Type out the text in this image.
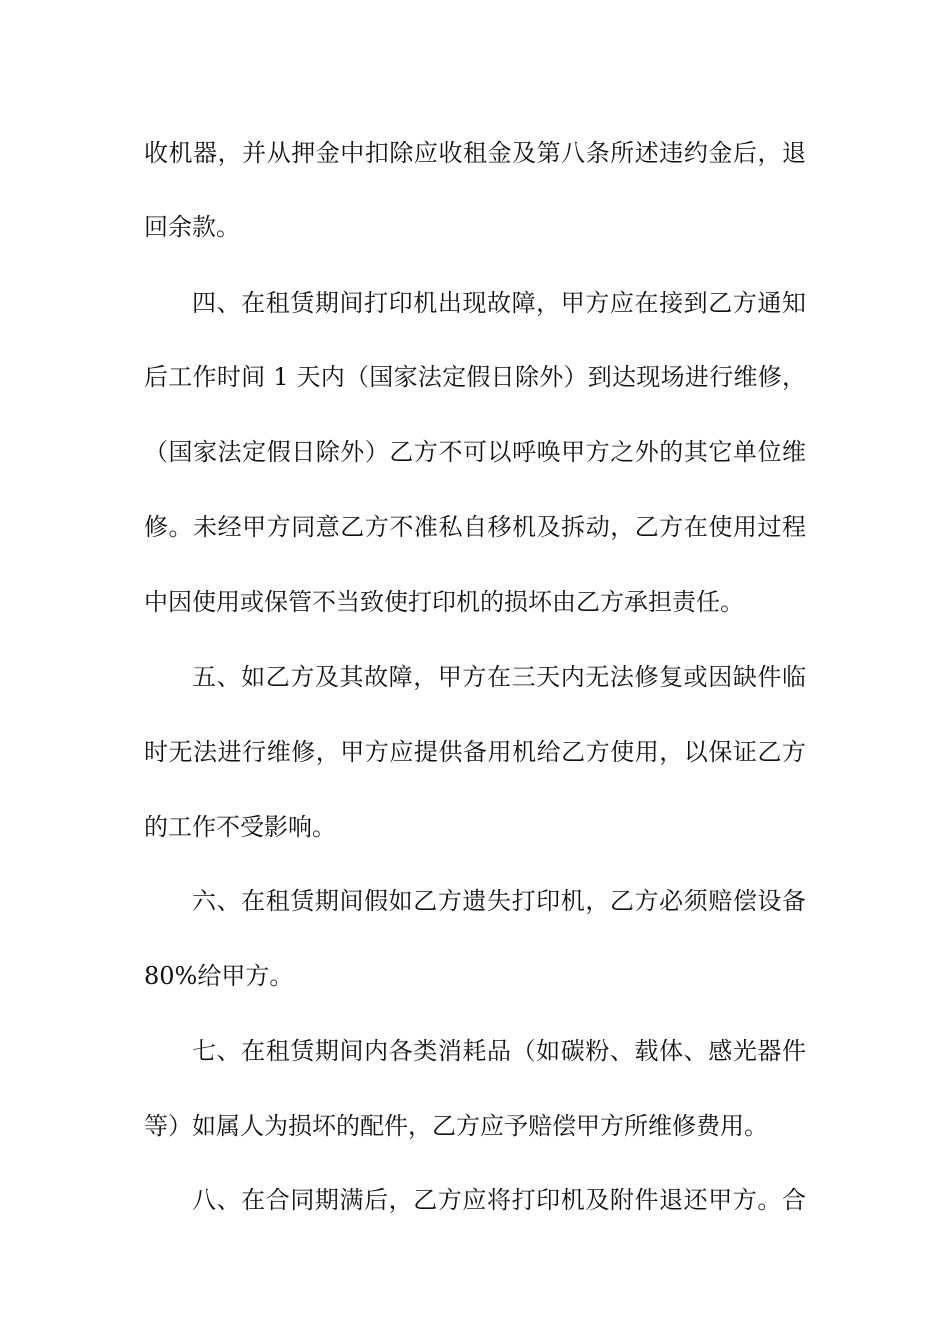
收机器，并从押金中扣除应收租金及第八条所述违约金后，退
回余款。
四、在租赁期间打印机出现故障，甲方应在接到乙方通知
后工作时间 1 天内（国家法定假日除外）到达现场进行维修，
（国家法定假日除外）乙方不可以呼唤甲方之外的其它单位维
修。未经甲方同意乙方不准私自移机及拆动，乙方在使用过程
中因使用或保管不当致使打印机的损坏由乙方承担责任。
五、如乙方及其故障，甲方在三天内无法修复或因缺件临
时无法进行维修，甲方应提供备用机给乙方使用，以保证乙方
的工作不受影响。
六、在租赁期间假如乙方遗失打印机，乙方必须赔偿设备
80%给甲方。
七、在租赁期间内各类消耗品（如碳粉、载体、感光器件
等）如属人为损坏的配件，乙方应予赔偿甲方所维修费用。
八、在合同期满后，乙方应将打印机及附件退还甲方。合
